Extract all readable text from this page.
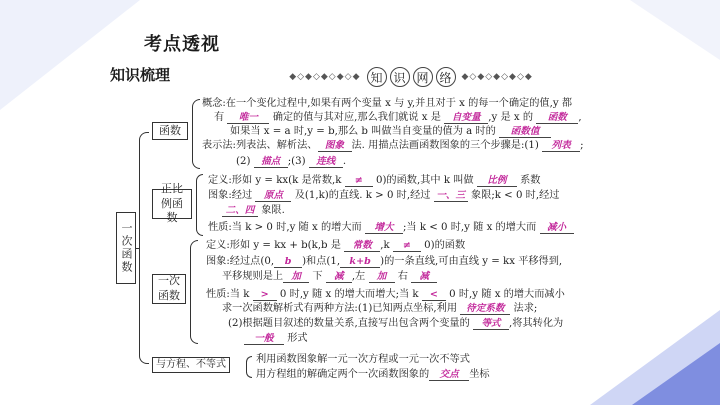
考点透视
知识梳理	◆◇◆◇◆◇◆◇◆ 知 识 网 络	◆◇◆◇◆◇◆◇◆
一次函数
函数
正比例函数
一次函数
与方程、不等式
概念:在一个变化过程中,如果有两个变量 x 与 y,并且对于 x 的每一个确定的值,y 都
有 唯一 确定的值与其对应,那么我们就说 x 是 自变量 ,y 是 x 的 函数 ,
如果当 x = a 时,y = b,那么 b 叫做当自变量的值为 a 时的 函数值
表示法:列表法、解析法、 图象 法. 用描点法画函数图象的三个步骤是:(1) 列表 ;
(2) 描点 ;(3) 连线 .
定义:形如 y = kx(k 是常数,k ≠ 0)的函数,其中 k 叫做 比例 系数
图象:经过 原点 及(1,k)的直线. k > 0 时,经过 一、三 象限;k < 0 时,经过
二、四 象限.
性质:当 k > 0 时,y 随 x 的增大而 增大 ;当 k < 0 时,y 随 x 的增大而 减小
定义:形如 y = kx + b(k,b 是 常数 ,k ≠ 0)的函数
图象:经过点(0, b )和点(1, k+b )的一条直线,可由直线 y = kx 平移得到,
平移规则是上 加 下 减 ,左 加 右 减
性质:当 k > 0 时,y 随 x 的增大而增大;当 k < 0 时,y 随 x 的增大而减小
求一次函数解析式有两种方法:(1)已知两点坐标,利用 待定系数 法求;
(2)根据题目叙述的数量关系,直接写出包含两个变量的 等式 ,将其转化为
一般 形式
利用函数图象解一元一次方程或一元一次不等式
用方程组的解确定两个一次函数图象的 交点 坐标
